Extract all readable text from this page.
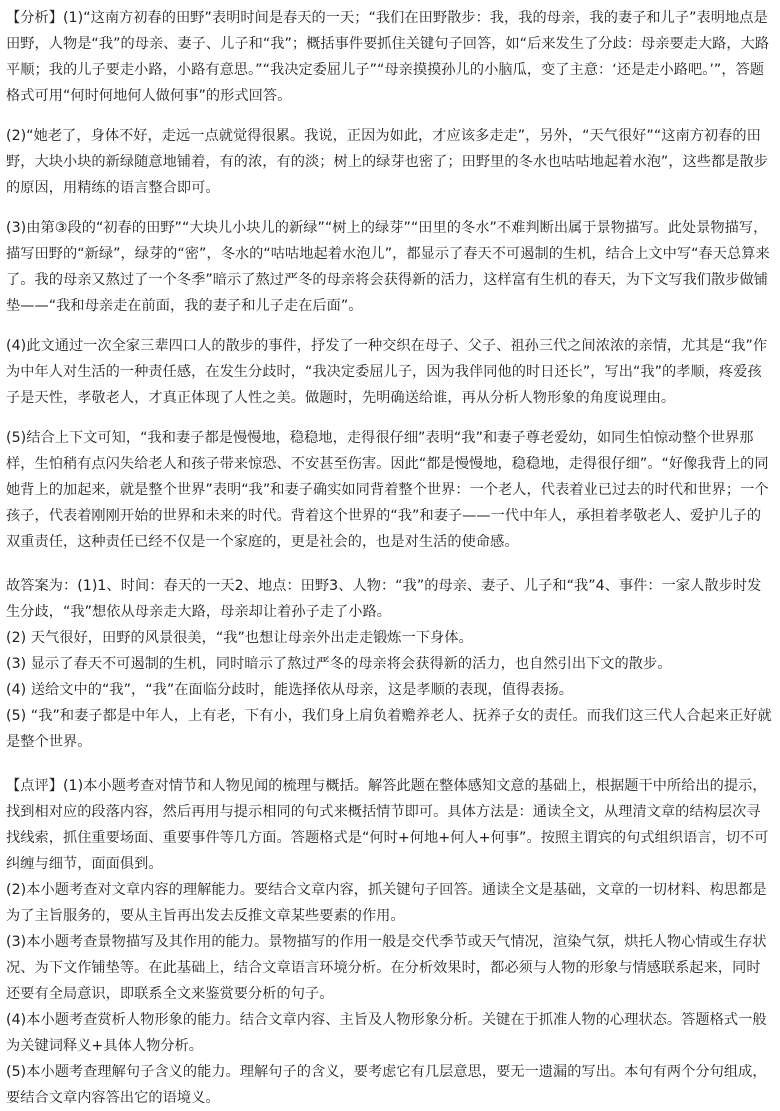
【分析】(1)“这南方初春的田野”表明时间是春天的一天；“我们在田野散步：我，我的母亲，我的妻子和儿子”表明地点是田野，人物是“我”的母亲、妻子、儿子和“我”；概括事件要抓住关键句子回答，如“后来发生了分歧：母亲要走大路，大路平顺；我的儿子要走小路，小路有意思。”“我决定委屈儿子”“母亲摸摸孙儿的小脑瓜，变了主意：‘还是走小路吧。’”，答题格式可用“何时何地何人做何事”的形式回答。

(2)“她老了，身体不好，走远一点就觉得很累。我说，正因为如此，才应该多走走”，另外，“天气很好”“这南方初春的田野，大块小块的新绿随意地铺着，有的浓，有的淡；树上的绿芽也密了；田野里的冬水也咕咕地起着水泡”，这些都是散步的原因，用精练的语言整合即可。

(3)由第③段的“初春的田野”“大块儿小块儿的新绿”“树上的绿芽”“田里的冬水”不难判断出属于景物描写。此处景物描写，描写田野的“新绿”，绿芽的“密”，冬水的“咕咕地起着水泡儿”，都显示了春天不可遏制的生机，结合上文中写“春天总算来了。我的母亲又熬过了一个冬季”暗示了熬过严冬的母亲将会获得新的活力，这样富有生机的春天，为下文写我们散步做铺垫——“我和母亲走在前面，我的妻子和儿子走在后面”。

(4)此文通过一次全家三辈四口人的散步的事件，抒发了一种交织在母子、父子、祖孙三代之间浓浓的亲情，尤其是“我”作为中年人对生活的一种责任感，在发生分歧时，“我决定委屈儿子，因为我伴同他的时日还长”，写出“我”的孝顺，疼爱孩子是天性，孝敬老人，才真正体现了人性之美。做题时，先明确送给谁，再从分析人物形象的角度说理由。

(5)结合上下文可知，“我和妻子都是慢慢地，稳稳地，走得很仔细”表明“我”和妻子尊老爱幼，如同生怕惊动整个世界那样，生怕稍有点闪失给老人和孩子带来惊恐、不安甚至伤害。因此“都是慢慢地，稳稳地，走得很仔细”。“好像我背上的同她背上的加起来，就是整个世界”表明“我”和妻子确实如同背着整个世界：一个老人，代表着业已过去的时代和世界；一个孩子，代表着刚刚开始的世界和未来的时代。背着这个世界的“我”和妻子——一代中年人，承担着孝敬老人、爱护儿子的双重责任，这种责任已经不仅是一个家庭的，更是社会的，也是对生活的使命感。

故答案为：(1)1、时间：春天的一天2、地点：田野3、人物：“我”的母亲、妻子、儿子和“我”4、事件：一家人散步时发生分歧，“我”想依从母亲走大路，母亲却让着孙子走了小路。

(2) 天气很好，田野的风景很美，“我”也想让母亲外出走走锻炼一下身体。

(3) 显示了春天不可遏制的生机，同时暗示了熬过严冬的母亲将会获得新的活力，也自然引出下文的散步。

(4) 送给文中的“我”，“我”在面临分歧时，能选择依从母亲，这是孝顺的表现，值得表扬。

(5) “我”和妻子都是中年人，上有老，下有小，我们身上肩负着赡养老人、抚养子女的责任。而我们这三代人合起来正好就是整个世界。

【点评】(1)本小题考查对情节和人物见闻的梳理与概括。解答此题在整体感知文意的基础上，根据题干中所给出的提示，找到相对应的段落内容，然后再用与提示相同的句式来概括情节即可。具体方法是：通读全文，从理清文章的结构层次寻找线索，抓住重要场面、重要事件等几方面。答题格式是“何时+何地+何人+何事”。按照主谓宾的句式组织语言，切不可纠缠与细节，面面俱到。

(2)本小题考查对文章内容的理解能力。要结合文章内容，抓关键句子回答。通读全文是基础，文章的一切材料、构思都是为了主旨服务的，要从主旨再出发去反推文章某些要素的作用。

(3)本小题考查景物描写及其作用的能力。景物描写的作用一般是交代季节或天气情况，渲染气氛，烘托人物心情或生存状况、为下文作铺垫等。在此基础上，结合文章语言环境分析。在分析效果时，都必须与人物的形象与情感联系起来，同时还要有全局意识，即联系全文来鉴赏要分析的句子。

(4)本小题考查赏析人物形象的能力。结合文章内容、主旨及人物形象分析。关键在于抓准人物的心理状态。答题格式一般为关键词释义+具体人物分析。

(5)本小题考查理解句子含义的能力。理解句子的含义，要考虑它有几层意思，要无一遗漏的写出。本句有两个分句组成，要结合文章内容答出它的语境义。
